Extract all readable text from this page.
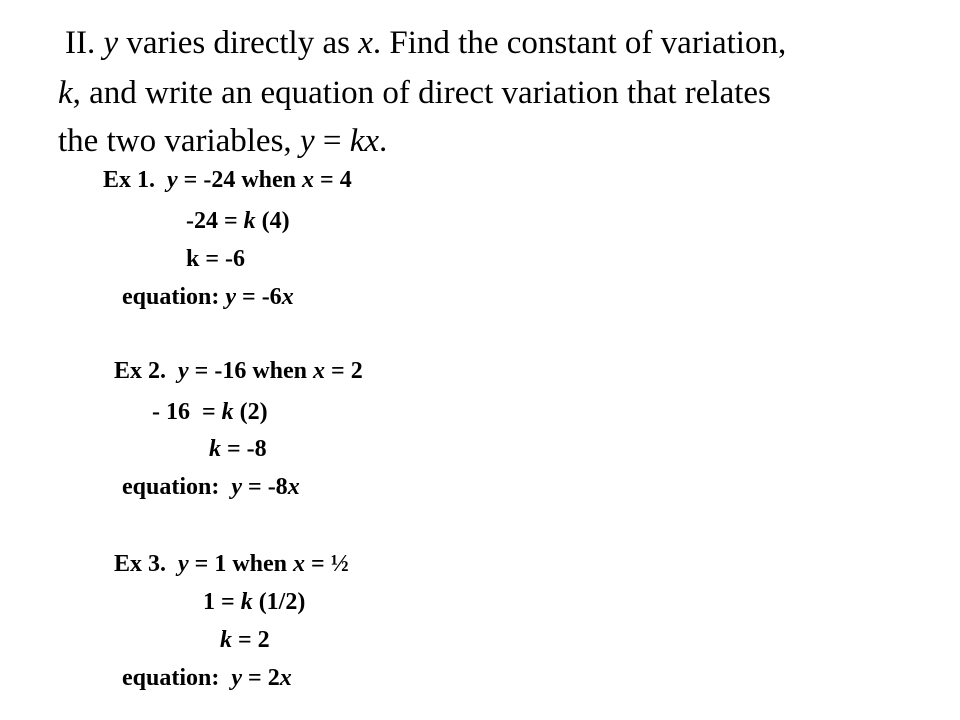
II. y varies directly as x. Find the constant of variation,
k, and write an equation of direct variation that relates
the two variables, y = kx.
Ex 1.  y = -24 when x = 4
-24 = k (4)
k = -6
equation: y = -6x
Ex 2.  y = -16 when x = 2
- 16  = k (2)
k = -8
equation:  y = -8x
Ex 3.  y = 1 when x = ½
1 = k (1/2)
k = 2
equation:  y = 2x
